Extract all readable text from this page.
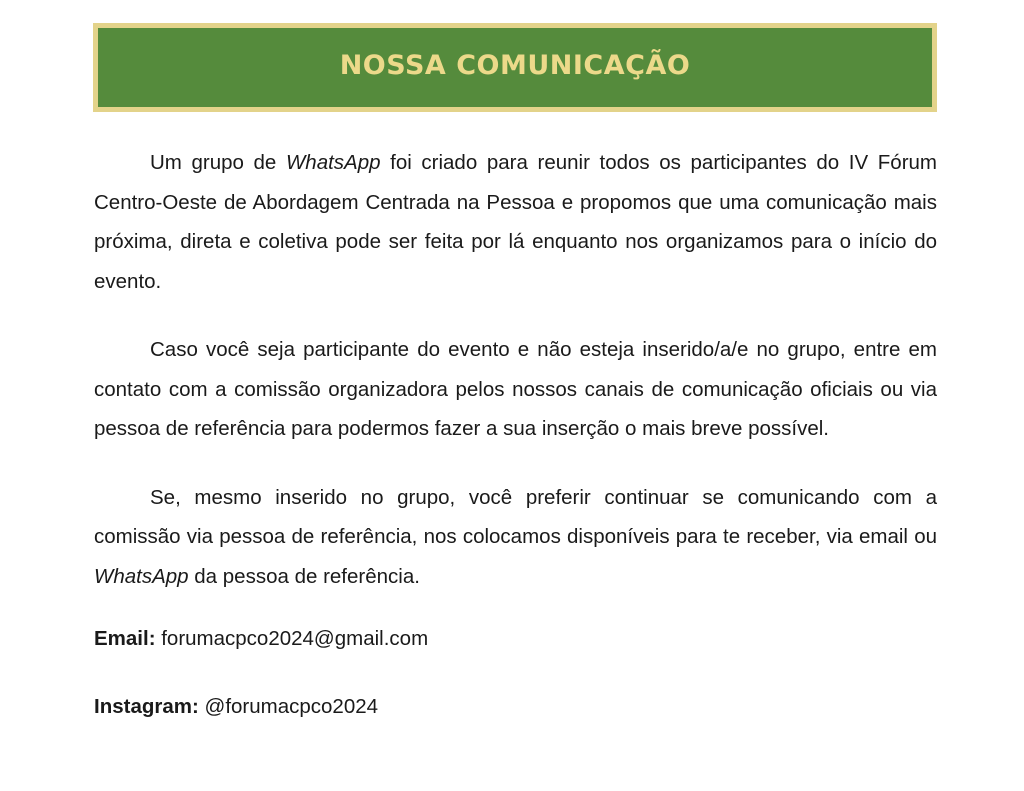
NOSSA COMUNICAÇÃO

Um grupo de WhatsApp foi criado para reunir todos os participantes do IV Fórum Centro-Oeste de Abordagem Centrada na Pessoa e propomos que uma comunicação mais próxima, direta e coletiva pode ser feita por lá enquanto nos organizamos para o início do evento.

Caso você seja participante do evento e não esteja inserido/a/e no grupo, entre em contato com a comissão organizadora pelos nossos canais de comunicação oficiais ou via pessoa de referência para podermos fazer a sua inserção o mais breve possível.

Se, mesmo inserido no grupo, você preferir continuar se comunicando com a comissão via pessoa de referência, nos colocamos disponíveis para te receber, via email ou WhatsApp da pessoa de referência.

Email: forumacpco2024@gmail.com

Instagram: @forumacpco2024
